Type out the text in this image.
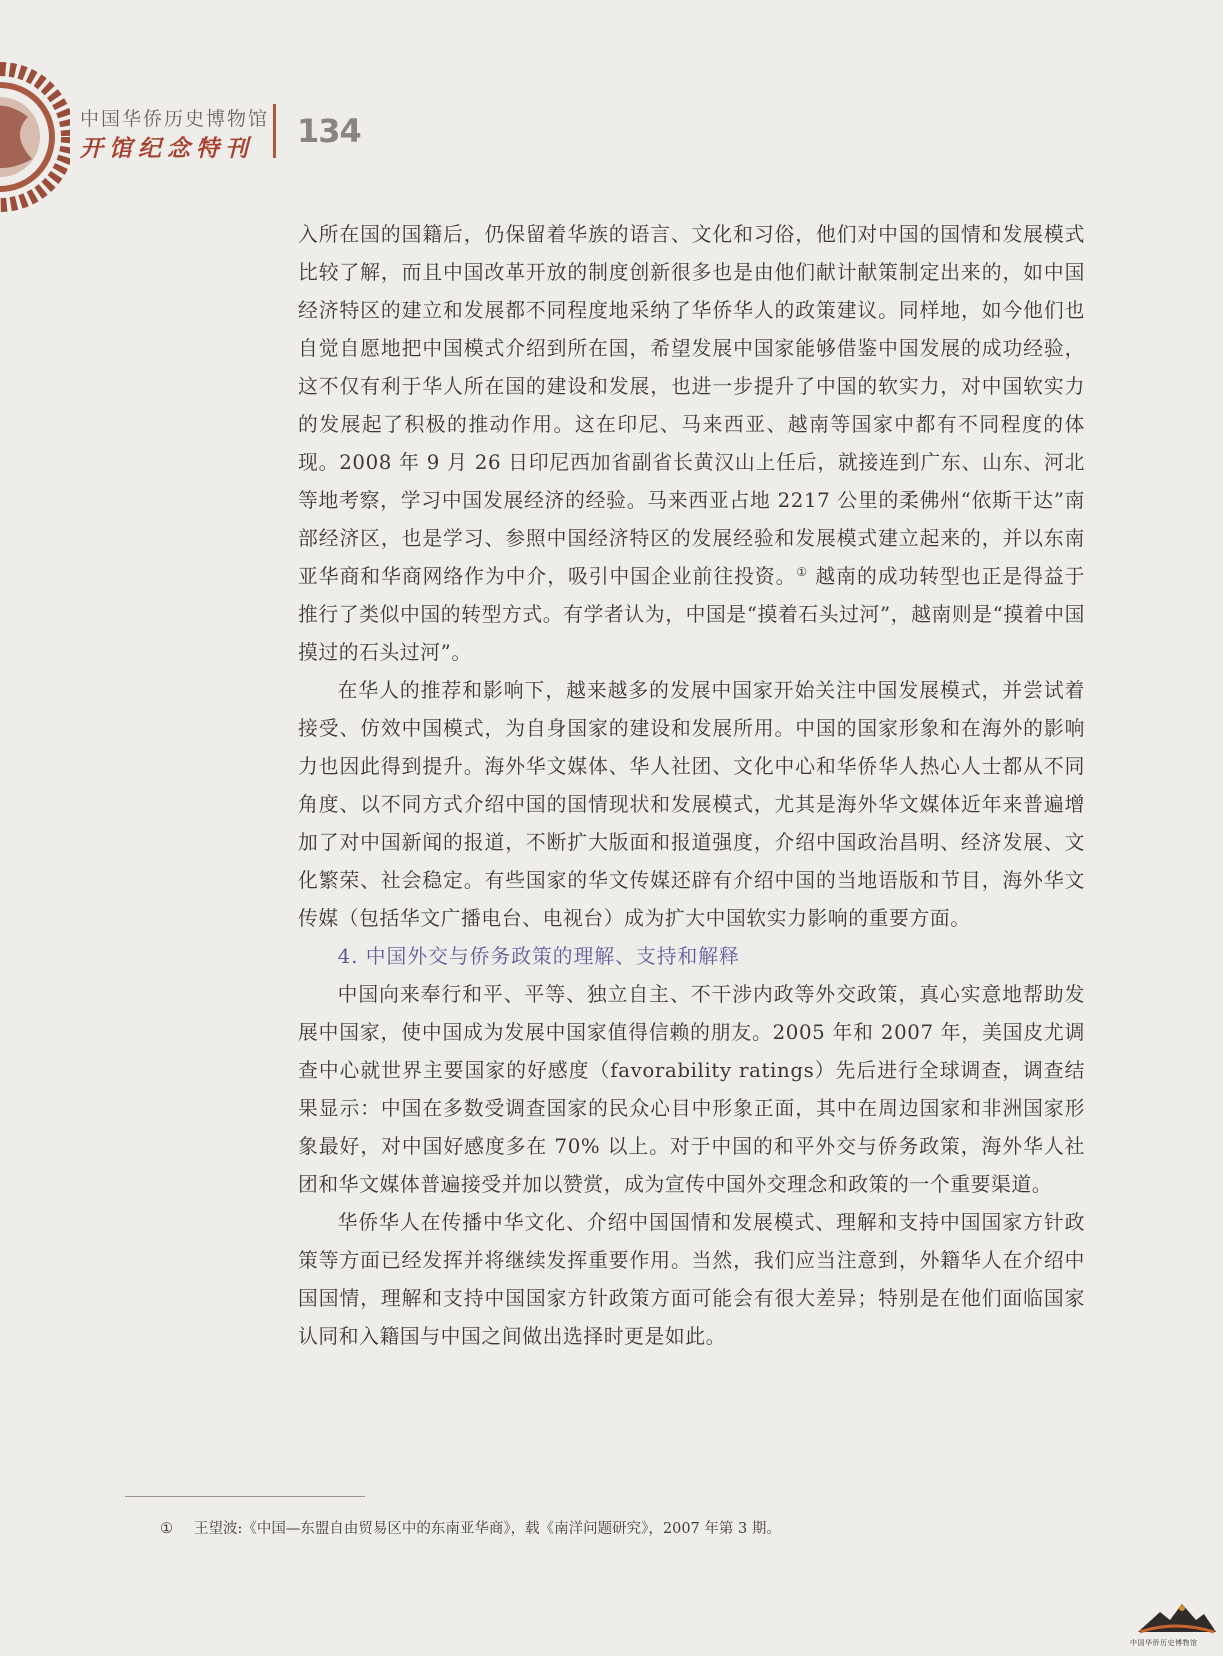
中国华侨历史博物馆
开馆纪念特刊 134

入所在国的国籍后，仍保留着华族的语言、文化和习俗，他们对中国的国情和发展模式比较了解，而且中国改革开放的制度创新很多也是由他们献计献策制定出来的，如中国经济特区的建立和发展都不同程度地采纳了华侨华人的政策建议。同样地，如今他们也自觉自愿地把中国模式介绍到所在国，希望发展中国家能够借鉴中国发展的成功经验，这不仅有利于华人所在国的建设和发展，也进一步提升了中国的软实力，对中国软实力的发展起了积极的推动作用。这在印尼、马来西亚、越南等国家中都有不同程度的体现。2008 年 9 月 26 日印尼西加省副省长黄汉山上任后，就接连到广东、山东、河北等地考察，学习中国发展经济的经验。马来西亚占地 2217 公里的柔佛州“依斯干达”南部经济区，也是学习、参照中国经济特区的发展经验和发展模式建立起来的，并以东南亚华商和华商网络作为中介，吸引中国企业前往投资。① 越南的成功转型也正是得益于推行了类似中国的转型方式。有学者认为，中国是“摸着石头过河”，越南则是“摸着中国摸过的石头过河”。

在华人的推荐和影响下，越来越多的发展中国家开始关注中国发展模式，并尝试着接受、仿效中国模式，为自身国家的建设和发展所用。中国的国家形象和在海外的影响力也因此得到提升。海外华文媒体、华人社团、文化中心和华侨华人热心人士都从不同角度、以不同方式介绍中国的国情现状和发展模式，尤其是海外华文媒体近年来普遍增加了对中国新闻的报道，不断扩大版面和报道强度，介绍中国政治昌明、经济发展、文化繁荣、社会稳定。有些国家的华文传媒还辟有介绍中国的当地语版和节目，海外华文传媒（包括华文广播电台、电视台）成为扩大中国软实力影响的重要方面。

4. 中国外交与侨务政策的理解、支持和解释

中国向来奉行和平、平等、独立自主、不干涉内政等外交政策，真心实意地帮助发展中国家，使中国成为发展中国家值得信赖的朋友。2005 年和 2007 年，美国皮尤调查中心就世界主要国家的好感度（favorability ratings）先后进行全球调查，调查结果显示：中国在多数受调查国家的民众心目中形象正面，其中在周边国家和非洲国家形象最好，对中国好感度多在 70% 以上。对于中国的和平外交与侨务政策，海外华人社团和华文媒体普遍接受并加以赞赏，成为宣传中国外交理念和政策的一个重要渠道。

华侨华人在传播中华文化、介绍中国国情和发展模式、理解和支持中国国家方针政策等方面已经发挥并将继续发挥重要作用。当然，我们应当注意到，外籍华人在介绍中国国情，理解和支持中国国家方针政策方面可能会有很大差异；特别是在他们面临国家认同和入籍国与中国之间做出选择时更是如此。

① 王望波:《中国—东盟自由贸易区中的东南亚华商》，载《南洋问题研究》，2007 年第 3 期。
中国华侨历史博物馆
